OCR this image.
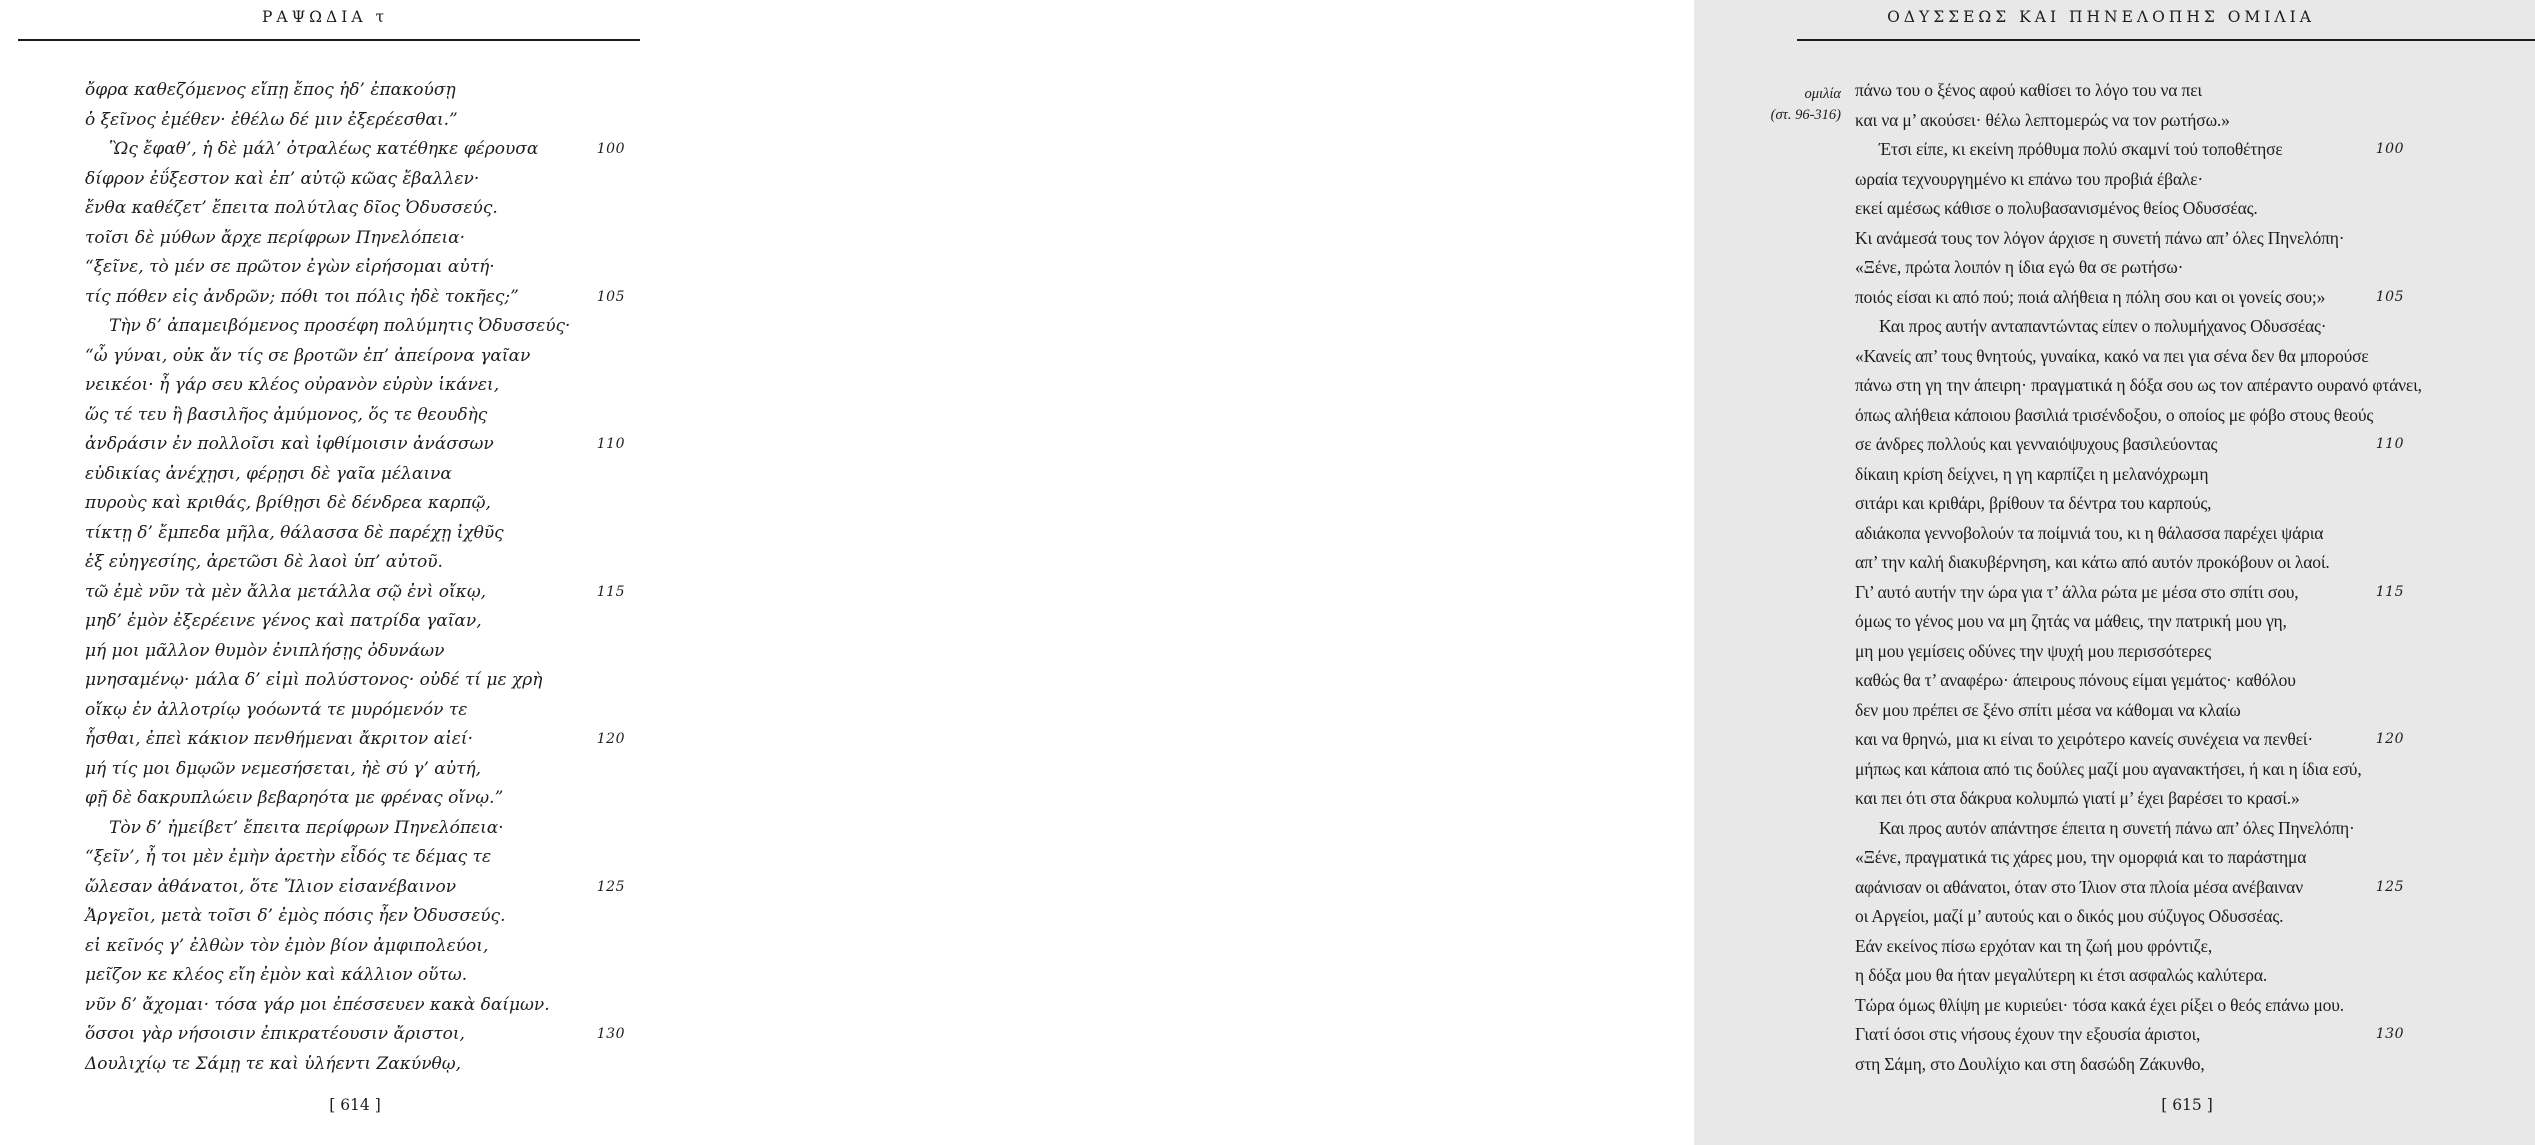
ΡΑΨΩΔΙΑ τ
ὄφρα καθεζόμενος εἴπῃ ἔπος ἠδ’ ἐπακούσῃ
ὁ ξεῖνος ἐμέθεν· ἐθέλω δέ μιν ἐξερέεσθαι.”
Ὣς ἔφαθ’, ἡ δὲ μάλ’ ὀτραλέως κατέθηκε φέρουσα	100
δίφρον ἐΰξεστον καὶ ἐπ’ αὐτῷ κῶας ἔβαλλεν·
ἔνθα καθέζετ’ ἔπειτα πολύτλας δῖος Ὀδυσσεύς.
τοῖσι δὲ μύθων ἄρχε περίφρων Πηνελόπεια·
“ξεῖνε, τὸ μέν σε πρῶτον ἐγὼν εἰρήσομαι αὐτή·
τίς πόθεν εἰς ἀνδρῶν; πόθι τοι πόλις ἠδὲ τοκῆες;”	105
Τὴν δ’ ἀπαμειβόμενος προσέφη πολύμητις Ὀδυσσεύς·
“ὦ γύναι, οὐκ ἄν τίς σε βροτῶν ἐπ’ ἀπείρονα γαῖαν
νεικέοι· ἦ γάρ σευ κλέος οὐρανὸν εὐρὺν ἱκάνει,
ὥς τέ τευ ἢ βασιλῆος ἀμύμονος, ὅς τε θεουδὴς
ἀνδράσιν ἐν πολλοῖσι καὶ ἰφθίμοισιν ἀνάσσων	110
εὐδικίας ἀνέχῃσι, φέρῃσι δὲ γαῖα μέλαινα
πυροὺς καὶ κριθάς, βρίθῃσι δὲ δένδρεα καρπῷ,
τίκτῃ δ’ ἔμπεδα μῆλα, θάλασσα δὲ παρέχῃ ἰχθῦς
ἐξ εὐηγεσίης, ἀρετῶσι δὲ λαοὶ ὑπ’ αὐτοῦ.
τῶ ἐμὲ νῦν τὰ μὲν ἄλλα μετάλλα σῷ ἐνὶ οἴκῳ,	115
μηδ’ ἐμὸν ἐξερέεινε γένος καὶ πατρίδα γαῖαν,
μή μοι μᾶλλον θυμὸν ἐνιπλήσῃς ὀδυνάων
μνησαμένῳ· μάλα δ’ εἰμὶ πολύστονος· οὐδέ τί με χρὴ
οἴκῳ ἐν ἀλλοτρίῳ γοόωντά τε μυρόμενόν τε
ἧσθαι, ἐπεὶ κάκιον πενθήμεναι ἄκριτον αἰεί·	120
μή τίς μοι δμῳῶν νεμεσήσεται, ἠὲ σύ γ’ αὐτή,
φῇ δὲ δακρυπλώειν βεβαρηότα με φρένας οἴνῳ.”
Τὸν δ’ ἠμείβετ’ ἔπειτα περίφρων Πηνελόπεια·
“ξεῖν’, ἦ τοι μὲν ἐμὴν ἀρετὴν εἶδός τε δέμας τε
ὤλεσαν ἀθάνατοι, ὅτε Ἴλιον εἰσανέβαινον	125
Ἀργεῖοι, μετὰ τοῖσι δ’ ἐμὸς πόσις ἦεν Ὀδυσσεύς.
εἰ κεῖνός γ’ ἐλθὼν τὸν ἐμὸν βίον ἀμφιπολεύοι,
μεῖζον κε κλέος εἴη ἐμὸν καὶ κάλλιον οὕτω.
νῦν δ’ ἄχομαι· τόσα γάρ μοι ἐπέσσευεν κακὰ δαίμων.
ὅσσοι γὰρ νήσοισιν ἐπικρατέουσιν ἄριστοι,	130
Δουλιχίῳ τε Σάμῃ τε καὶ ὑλήεντι Ζακύνθῳ,
[ 614 ]
ΟΔΥΣΣΕΩΣ ΚΑΙ ΠΗΝΕΛΟΠΗΣ ΟΜΙΛΙΑ
ομιλία
(στ. 96-316)
πάνω του ο ξένος αφού καθίσει το λόγο του να πει
και να μ’ ακούσει· θέλω λεπτομερώς να τον ρωτήσω.»
Έτσι είπε, κι εκείνη πρόθυμα πολύ σκαμνί τού τοποθέτησε	100
ωραία τεχνουργημένο κι επάνω του προβιά έβαλε·
εκεί αμέσως κάθισε ο πολυβασανισμένος θείος Οδυσσέας.
Κι ανάμεσά τους τον λόγον άρχισε η συνετή πάνω απ’ όλες Πηνελόπη·
«Ξένε, πρώτα λοιπόν η ίδια εγώ θα σε ρωτήσω·
ποιός είσαι κι από πού; ποιά αλήθεια η πόλη σου και οι γονείς σου;»	105
Και προς αυτήν ανταπαντώντας είπεν ο πολυμήχανος Οδυσσέας·
«Κανείς απ’ τους θνητούς, γυναίκα, κακό να πει για σένα δεν θα μπορούσε
πάνω στη γη την άπειρη· πραγματικά η δόξα σου ως τον απέραντο ουρανό φτάνει,
όπως αλήθεια κάποιου βασιλιά τρισένδοξου, ο οποίος με φόβο στους θεούς
σε άνδρες πολλούς και γενναιόψυχους βασιλεύοντας	110
δίκαιη κρίση δείχνει, η γη καρπίζει η μελανόχρωμη
σιτάρι και κριθάρι, βρίθουν τα δέντρα του καρπούς,
αδιάκοπα γεννοβολούν τα ποίμνιά του, κι η θάλασσα παρέχει ψάρια
απ’ την καλή διακυβέρνηση, και κάτω από αυτόν προκόβουν οι λαοί.
Γι’ αυτό αυτήν την ώρα για τ’ άλλα ρώτα με μέσα στο σπίτι σου,	115
όμως το γένος μου να μη ζητάς να μάθεις, την πατρική μου γη,
μη μου γεμίσεις οδύνες την ψυχή μου περισσότερες
καθώς θα τ’ αναφέρω· άπειρους πόνους είμαι γεμάτος· καθόλου
δεν μου πρέπει σε ξένο σπίτι μέσα να κάθομαι να κλαίω
και να θρηνώ, μια κι είναι το χειρότερο κανείς συνέχεια να πενθεί·	120
μήπως και κάποια από τις δούλες μαζί μου αγανακτήσει, ή και η ίδια εσύ,
και πει ότι στα δάκρυα κολυμπώ γιατί μ’ έχει βαρέσει το κρασί.»
Και προς αυτόν απάντησε έπειτα η συνετή πάνω απ’ όλες Πηνελόπη·
«Ξένε, πραγματικά τις χάρες μου, την ομορφιά και το παράστημα
αφάνισαν οι αθάνατοι, όταν στο Ίλιον στα πλοία μέσα ανέβαιναν	125
οι Αργείοι, μαζί μ’ αυτούς και ο δικός μου σύζυγος Οδυσσέας.
Εάν εκείνος πίσω ερχόταν και τη ζωή μου φρόντιζε,
η δόξα μου θα ήταν μεγαλύτερη κι έτσι ασφαλώς καλύτερα.
Τώρα όμως θλίψη με κυριεύει· τόσα κακά έχει ρίξει ο θεός επάνω μου.
Γιατί όσοι στις νήσους έχουν την εξουσία άριστοι,	130
στη Σάμη, στο Δουλίχιο και στη δασώδη Ζάκυνθο,
[ 615 ]
